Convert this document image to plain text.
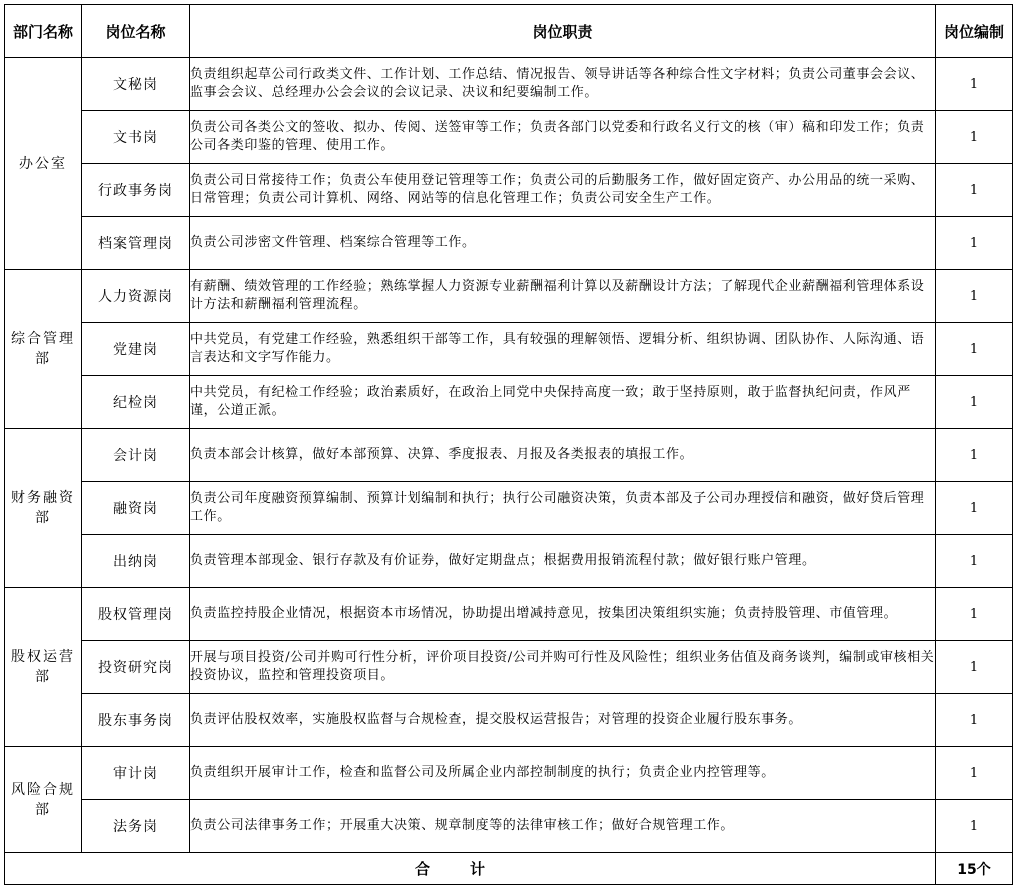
部门名称	岗位名称	岗位职责	岗位编制
办公室	文秘岗	负责组织起草公司行政类文件、工作计划、工作总结、情况报告、领导讲话等各种综合性文字材料；负责公司董事会会议、监事会会议、总经理办公会会议的会议记录、决议和纪要编制工作。	1
	文书岗	负责公司各类公文的签收、拟办、传阅、送签审等工作；负责各部门以党委和行政名义行文的核（审）稿和印发工作；负责公司各类印鉴的管理、使用工作。	1
	行政事务岗	负责公司日常接待工作；负责公车使用登记管理等工作；负责公司的后勤服务工作，做好固定资产、办公用品的统一采购、日常管理；负责公司计算机、网络、网站等的信息化管理工作；负责公司安全生产工作。	1
	档案管理岗	负责公司涉密文件管理、档案综合管理等工作。	1
综合管理部	人力资源岗	有薪酬、绩效管理的工作经验；熟练掌握人力资源专业薪酬福利计算以及薪酬设计方法；了解现代企业薪酬福利管理体系设计方法和薪酬福利管理流程。	1
	党建岗	中共党员，有党建工作经验，熟悉组织干部等工作，具有较强的理解领悟、逻辑分析、组织协调、团队协作、人际沟通、语言表达和文字写作能力。	1
	纪检岗	中共党员，有纪检工作经验；政治素质好，在政治上同党中央保持高度一致；敢于坚持原则，敢于监督执纪问责，作风严谨，公道正派。	1
财务融资部	会计岗	负责本部会计核算，做好本部预算、决算、季度报表、月报及各类报表的填报工作。	1
	融资岗	负责公司年度融资预算编制、预算计划编制和执行；执行公司融资决策，负责本部及子公司办理授信和融资，做好贷后管理工作。	1
	出纳岗	负责管理本部现金、银行存款及有价证券，做好定期盘点；根据费用报销流程付款；做好银行账户管理。	1
股权运营部	股权管理岗	负责监控持股企业情况，根据资本市场情况，协助提出增减持意见，按集团决策组织实施；负责持股管理、市值管理。	1
	投资研究岗	开展与项目投资/公司并购可行性分析，评价项目投资/公司并购可行性及风险性；组织业务估值及商务谈判，编制或审核相关投资协议，监控和管理投资项目。	1
	股东事务岗	负责评估股权效率，实施股权监督与合规检查，提交股权运营报告；对管理的投资企业履行股东事务。	1
风险合规部	审计岗	负责组织开展审计工作，检查和监督公司及所属企业内部控制制度的执行；负责企业内控管理等。	1
	法务岗	负责公司法律事务工作；开展重大决策、规章制度等的法律审核工作；做好合规管理工作。	1
合计			15个
